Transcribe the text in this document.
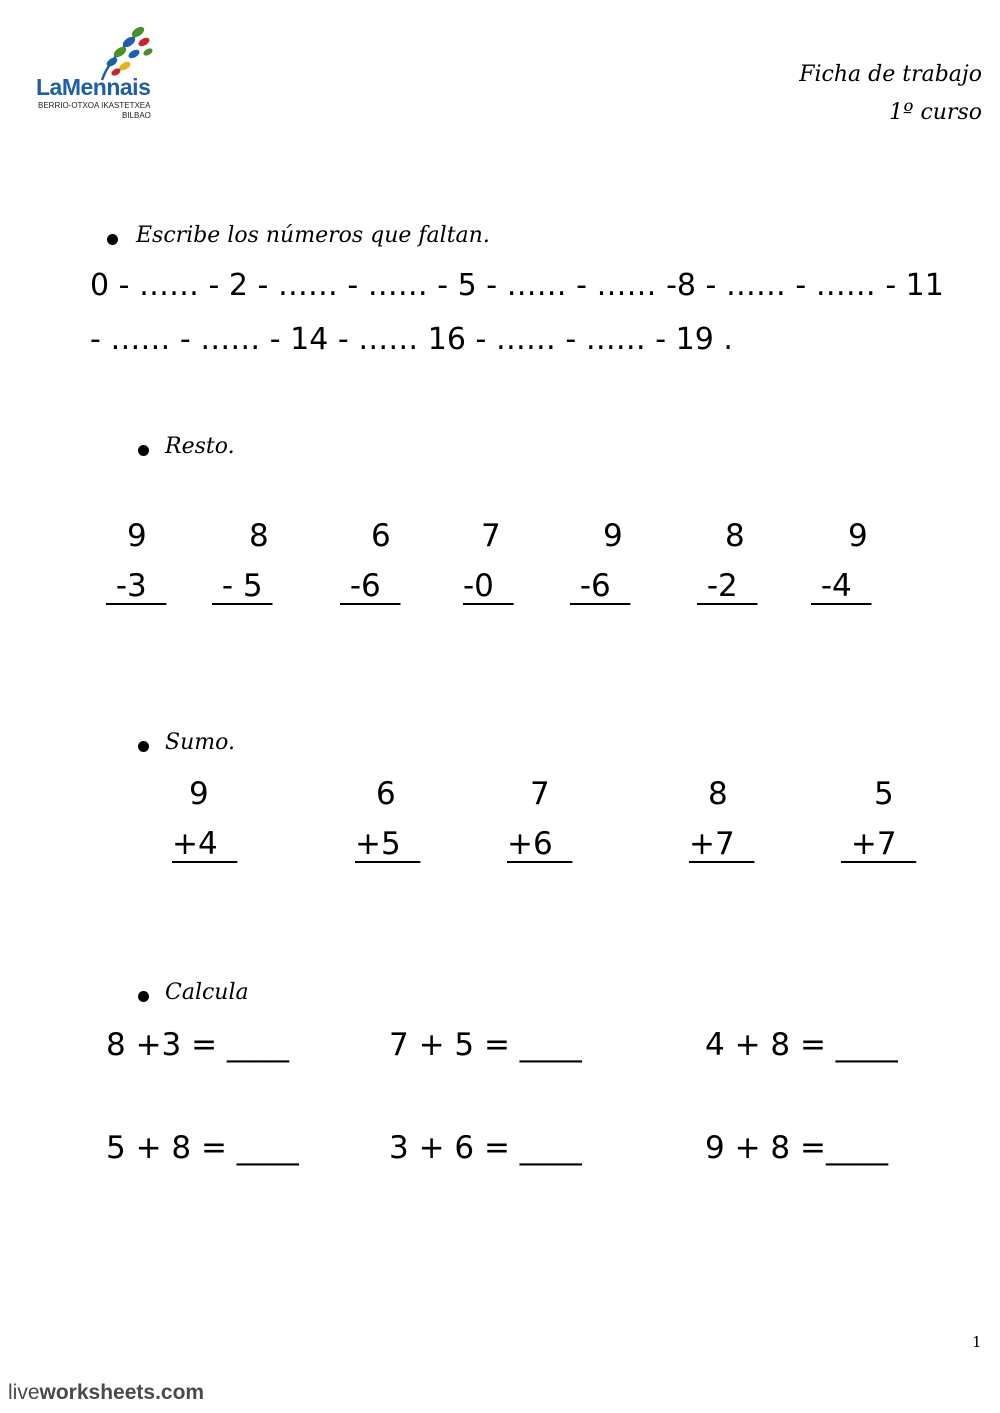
LaMennais
BERRIO-OTXOA IKASTETXEA
BILBAO
Ficha de trabajo
1º curso
Escribe los números que faltan.
0 - …… - 2 - …… - …… - 5 - …… - …… -8 - …… - …… - 11
- …… - …… - 14 - …… 16 - …… - …… - 19 .
Resto.
9
-3
8
- 5
6
-6
7
-0
9
-6
8
-2
9
-4
Sumo.
9
+4
6
+5
7
+6
8
+7
5
+7
Calcula
8 +3 = ____	7 + 5 = ____	4 + 8 = ____
5 + 8 = ____	3 + 6 = ____	9 + 8 =____
1
liveworksheets.com
